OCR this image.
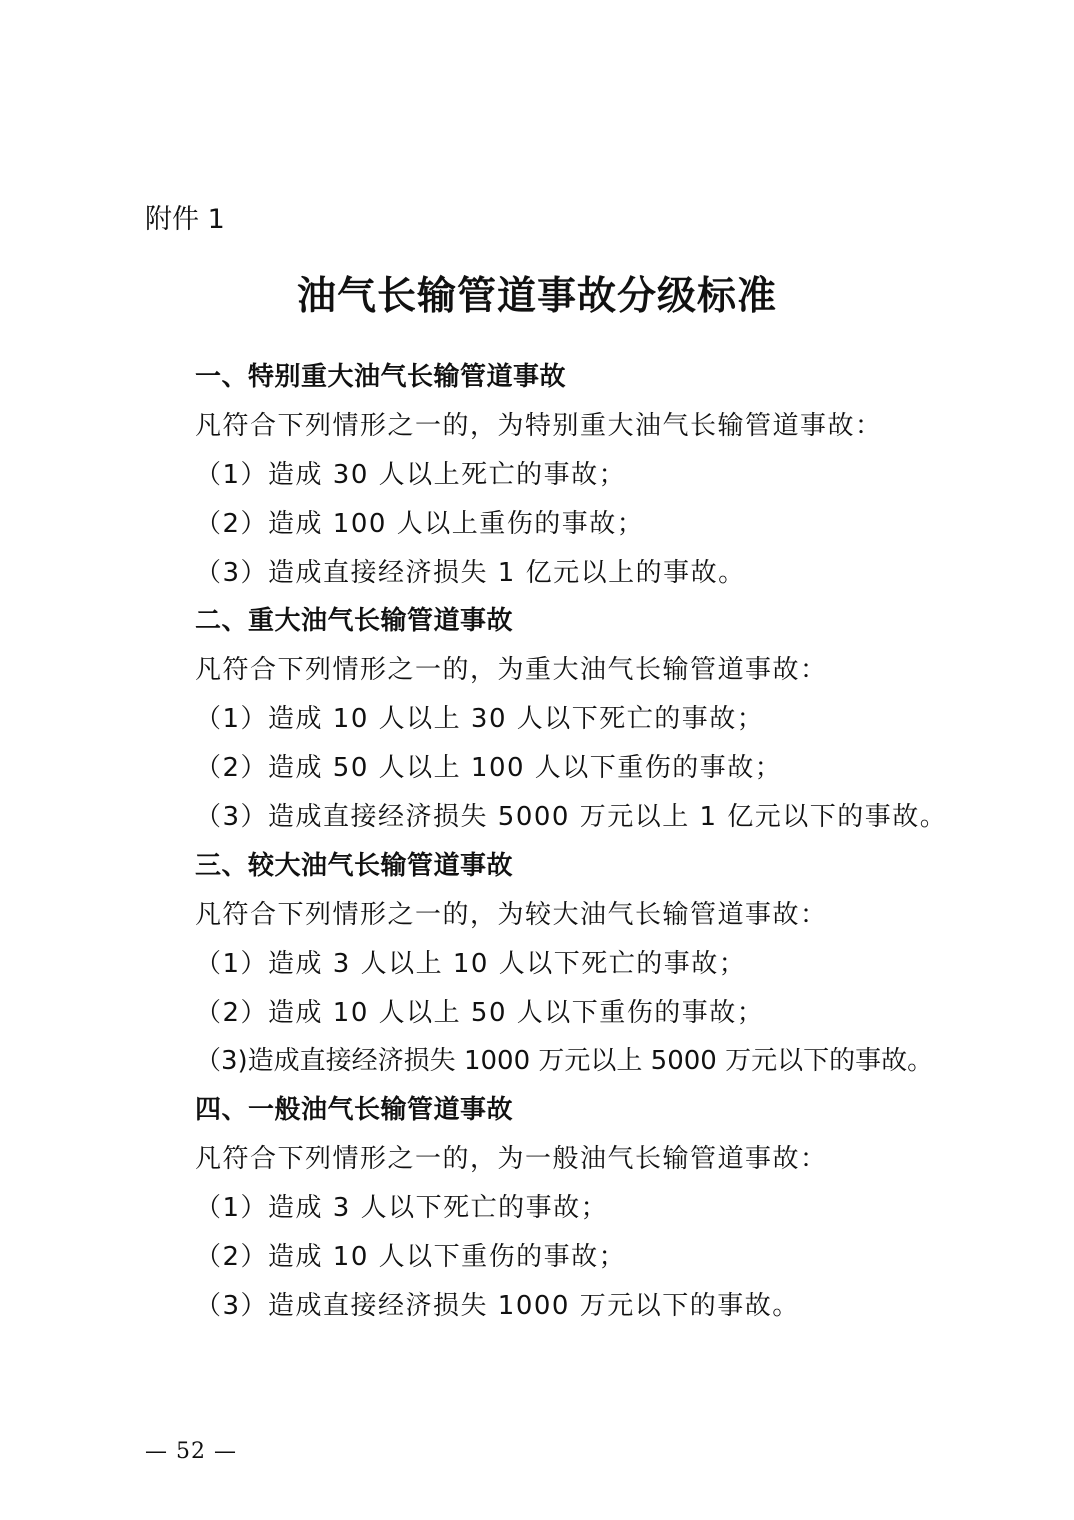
附件 1
油气长输管道事故分级标准
一、特别重大油气长输管道事故
凡符合下列情形之一的，为特别重大油气长输管道事故：
（1）造成 30 人以上死亡的事故；
（2）造成 100 人以上重伤的事故；
（3）造成直接经济损失 1 亿元以上的事故。
二、重大油气长输管道事故
凡符合下列情形之一的，为重大油气长输管道事故：
（1）造成 10 人以上 30 人以下死亡的事故；
（2）造成 50 人以上 100 人以下重伤的事故；
（3）造成直接经济损失 5000 万元以上 1 亿元以下的事故。
三、较大油气长输管道事故
凡符合下列情形之一的，为较大油气长输管道事故：
（1）造成 3 人以上 10 人以下死亡的事故；
（2）造成 10 人以上 50 人以下重伤的事故；
（3)造成直接经济损失 1000 万元以上 5000 万元以下的事故。
四、一般油气长输管道事故
凡符合下列情形之一的，为一般油气长输管道事故：
（1）造成 3 人以下死亡的事故；
（2）造成 10 人以下重伤的事故；
（3）造成直接经济损失 1000 万元以下的事故。
— 52 —
